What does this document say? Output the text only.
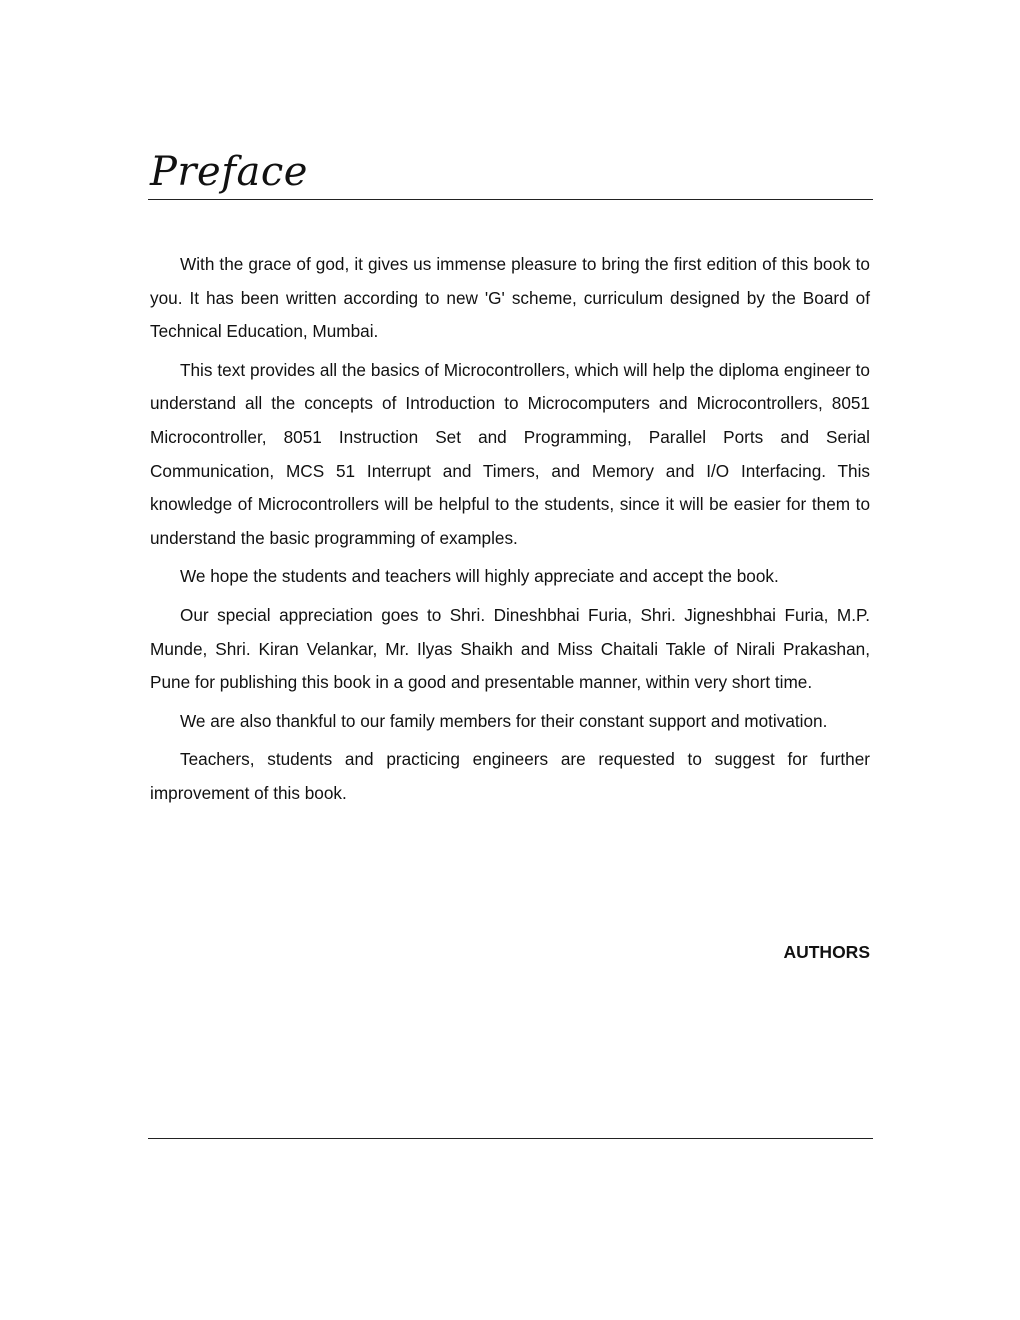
Preface

With the grace of god, it gives us immense pleasure to bring the first edition of this book to you. It has been written according to new 'G' scheme, curriculum designed by the Board of Technical Education, Mumbai.

This text provides all the basics of Microcontrollers, which will help the diploma engineer to understand all the concepts of Introduction to Microcomputers and Microcontrollers, 8051 Microcontroller, 8051 Instruction Set and Programming, Parallel Ports and Serial Communication, MCS 51 Interrupt and Timers, and Memory and I/O Interfacing. This knowledge of Microcontrollers will be helpful to the students, since it will be easier for them to understand the basic programming of examples.

We hope the students and teachers will highly appreciate and accept the book.

Our special appreciation goes to Shri. Dineshbhai Furia, Shri. Jigneshbhai Furia, M.P. Munde, Shri. Kiran Velankar, Mr. Ilyas Shaikh and Miss Chaitali Takle of Nirali Prakashan, Pune for publishing this book in a good and presentable manner, within very short time.

We are also thankful to our family members for their constant support and motivation.

Teachers, students and practicing engineers are requested to suggest for further improvement of this book.

AUTHORS
